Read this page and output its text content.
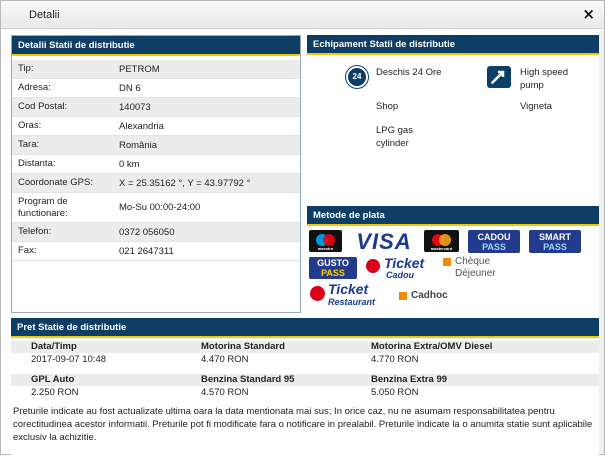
Detalii	×
Detalii Statii de distributie
Tip:	PETROM
Adresa:	DN 6
Cod Postal:	140073
Oras:	Alexandria
Tara:	România
Distanta:	0 km
Coordonate GPS:	X = 25.35162 °, Y = 43.97792 °
Program de functionare:	Mo-Su 00:00-24:00
Telefon:	0372 056050
Fax:	021 2647311
Echipament Statii de distributie
24	Deschis 24 Ore	High speed pump
Shop	Vigneta
LPG gas cylinder
Metode de plata
maestro VISA	mastercard
CADOU
PASS
SMART
PASS
GUSTO
PASS
Ticket
Cadou
Chèque
Déjeuner
Ticket
Restaurant
Cadhoc
Pret Statie de distributie
Data/Timp	Motorina Standard	Motorina Extra/OMV Diesel
2017-09-07 10:48	4.470 RON	4.770 RON
GPL Auto	Benzina Standard 95	Benzina Extra 99
2.250 RON	4.570 RON	5.050 RON
Preturile indicate au fost actualizate ultima oara la data mentionata mai sus; In orice caz, nu ne asumam responsabilitatea pentru corectitudinea acestor informatii. Preturile pot fi modificate fara o notificare in prealabil. Preturile indicate la o anumita statie sunt aplicabile exclusiv la achizitie.
